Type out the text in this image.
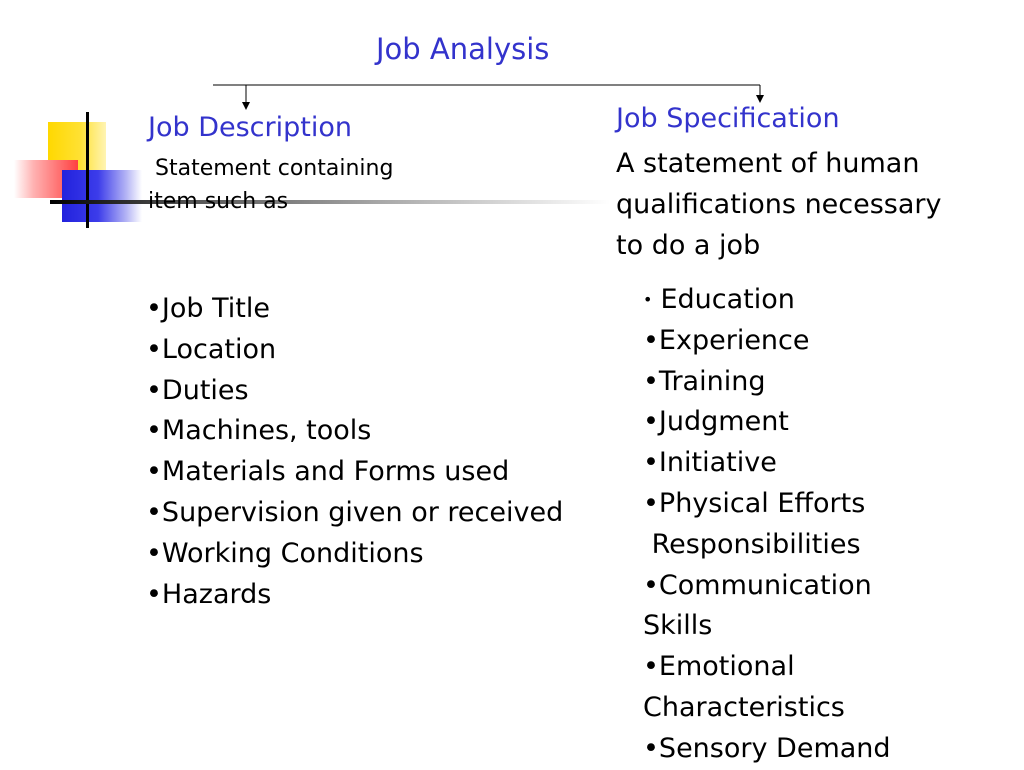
Job Analysis
Job Description
Statement containing
item such as
•Job Title
•Location
•Duties
•Machines, tools
•Materials and Forms used
•Supervision given or received
•Working Conditions
•Hazards
Job Specification
A statement of human
qualifications necessary
to do a job
• Education
•Experience
•Training
•Judgment
•Initiative
•Physical Efforts
Responsibilities
•Communication
Skills
•Emotional
Characteristics
•Sensory Demand
